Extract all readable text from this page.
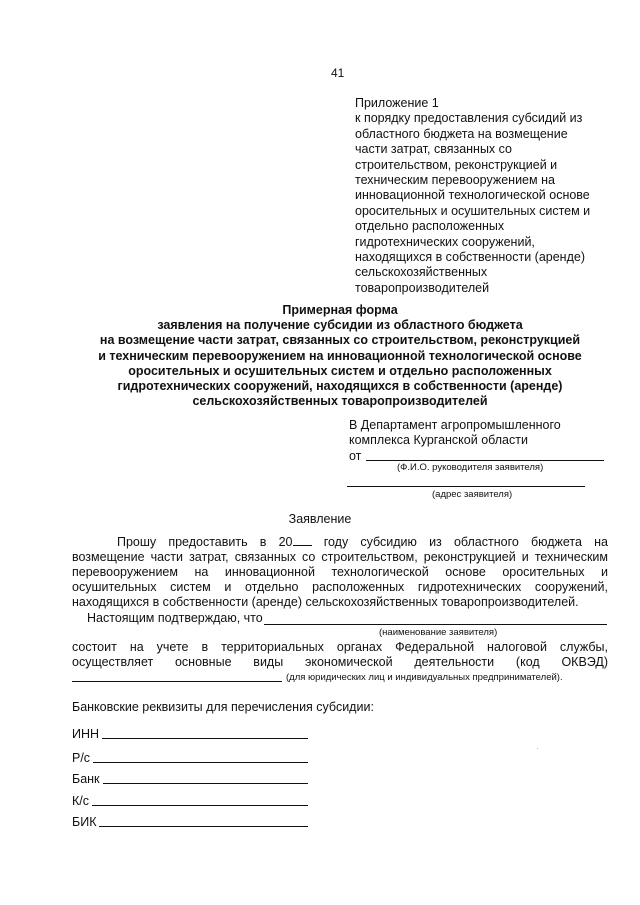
41
Приложение 1
к порядку предоставления субсидий из
областного бюджета на возмещение
части затрат, связанных со
строительством, реконструкцией и
техническим перевооружением на
инновационной технологической основе
оросительных и осушительных систем и
отдельно расположенных
гидротехнических сооружений,
находящихся в собственности (аренде)
сельскохозяйственных
товаропроизводителей
Примерная форма
заявления на получение субсидии из областного бюджета
на возмещение части затрат, связанных со строительством, реконструкцией
и техническим перевооружением на инновационной технологической основе
оросительных и осушительных систем и отдельно расположенных
гидротехнических сооружений, находящихся в собственности (аренде)
сельскохозяйственных товаропроизводителей
В Департамент агропромышленного
комплекса Курганской области
от
(Ф.И.О. руководителя заявителя)
(адрес заявителя)
Заявление
Прошу предоставить в 20 году субсидию из областного бюджета на
возмещение части затрат, связанных со строительством, реконструкцией и техническим
перевооружением на инновационной технологической основе оросительных и
осушительных систем и отдельно расположенных гидротехнических сооружений,
находящихся в собственности (аренде) сельскохозяйственных товаропроизводителей.
Настоящим подтверждаю, что
(наименование заявителя)
состоит на учете в территориальных органах Федеральной налоговой службы,
осуществляет основные виды экономической деятельности (код ОКВЭД)
(для юридических лиц и индивидуальных предпринимателей).
Банковские реквизиты для перечисления субсидии:
ИНН
Р/с
Банк
К/с
БИК
